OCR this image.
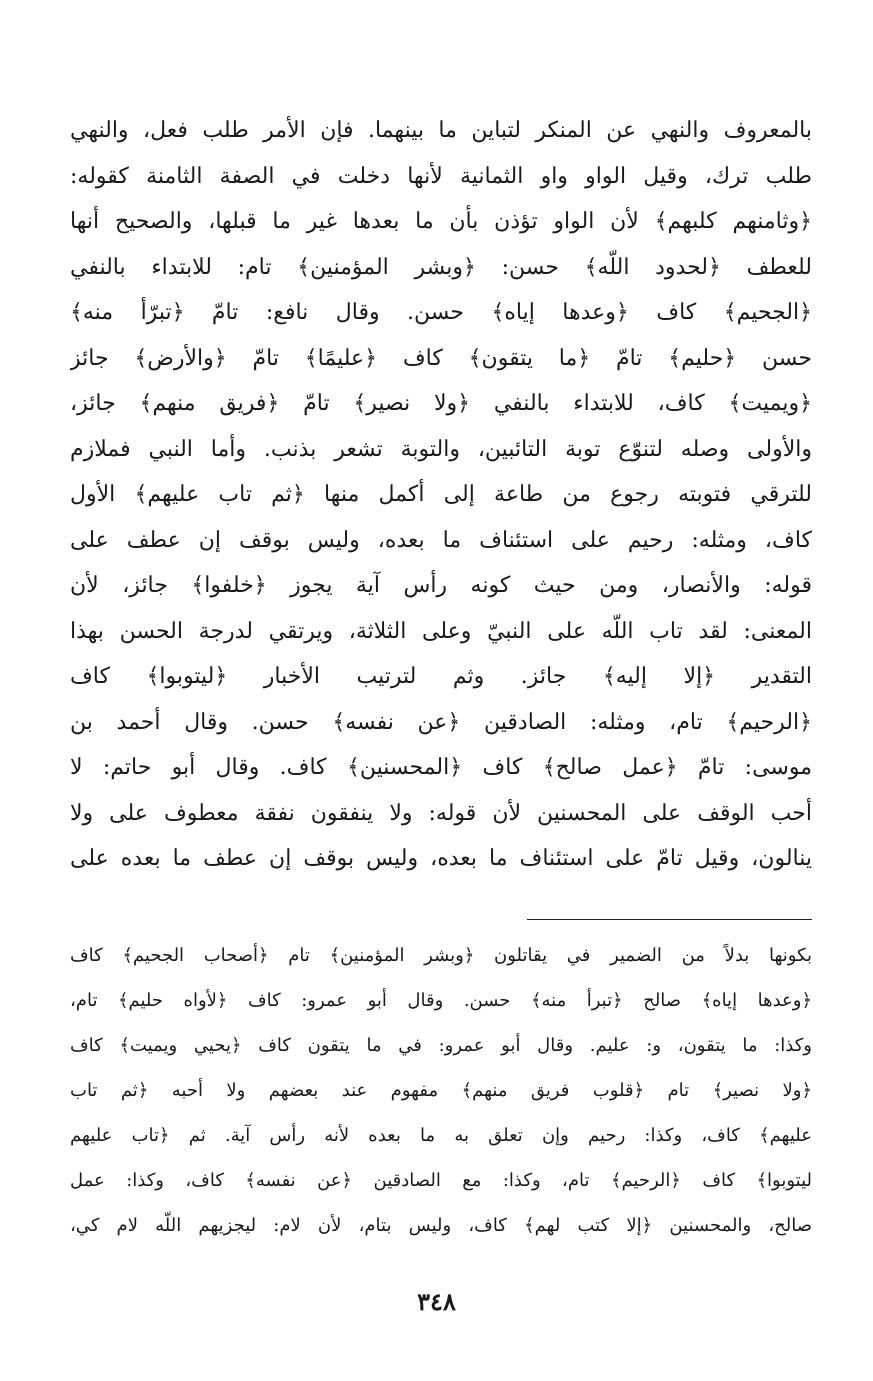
بالمعروف والنهي عن المنكر لتباين ما بينهما. فإن الأمر طلب فعل، والنهي
طلب ترك، وقيل الواو واو الثمانية لأنها دخلت في الصفة الثامنة كقوله:
﴿وثامنهم كلبهم﴾ لأن الواو تؤذن بأن ما بعدها غير ما قبلها، والصحيح أنها
للعطف ﴿لحدود اللّه﴾ حسن: ﴿وبشر المؤمنين﴾ تام: للابتداء بالنفي
﴿الجحيم﴾ كاف ﴿وعدها إياه﴾ حسن. وقال نافع: تامّ ﴿تبرّأ منه﴾
حسن ﴿حليم﴾ تامّ ﴿ما يتقون﴾ كاف ﴿عليمًا﴾ تامّ ﴿والأرض﴾ جائز
﴿ويميت﴾ كاف، للابتداء بالنفي ﴿ولا نصير﴾ تامّ ﴿فريق منهم﴾ جائز،
والأولى وصله لتنوّع توبة التائبين، والتوبة تشعر بذنب. وأما النبي فملازم
للترقي فتوبته رجوع من طاعة إلى أكمل منها ﴿ثم تاب عليهم﴾ الأول
كاف، ومثله: رحيم على استئناف ما بعده، وليس بوقف إن عطف على
قوله: والأنصار، ومن حيث كونه رأس آية يجوز ﴿خلفوا﴾ جائز، لأن
المعنى: لقد تاب اللّه على النبيّ وعلى الثلاثة، ويرتقي لدرجة الحسن بهذا
التقدير ﴿إلا إليه﴾ جائز. وثم لترتيب الأخبار ﴿ليتوبوا﴾ كاف
﴿الرحيم﴾ تام، ومثله: الصادقين ﴿عن نفسه﴾ حسن. وقال أحمد بن
موسى: تامّ ﴿عمل صالح﴾ كاف ﴿المحسنين﴾ كاف. وقال أبو حاتم: لا
أحب الوقف على المحسنين لأن قوله: ولا ينفقون نفقة معطوف على ولا
ينالون، وقيل تامّ على استئناف ما بعده، وليس بوقف إن عطف ما بعده على
بكونها بدلاً من الضمير في يقاتلون ﴿وبشر المؤمنين﴾ تام ﴿أصحاب الجحيم﴾ كاف
﴿وعدها إياه﴾ صالح ﴿تبرأ منه﴾ حسن. وقال أبو عمرو: كاف ﴿لأواه حليم﴾ تام،
وكذا: ما يتقون، و: عليم. وقال أبو عمرو: في ما يتقون كاف ﴿يحيي ويميت﴾ كاف
﴿ولا نصير﴾ تام ﴿قلوب فريق منهم﴾ مفهوم عند بعضهم ولا أحبه ﴿ثم تاب
عليهم﴾ كاف، وكذا: رحيم وإن تعلق به ما بعده لأنه رأس آية. ثم ﴿تاب عليهم
ليتوبوا﴾ كاف ﴿الرحيم﴾ تام، وكذا: مع الصادقين ﴿عن نفسه﴾ كاف، وكذا: عمل
صالح، والمحسنين ﴿إلا كتب لهم﴾ كاف، وليس بتام، لأن لام: ليجزيهم اللّه لام كي،
٣٤٨
